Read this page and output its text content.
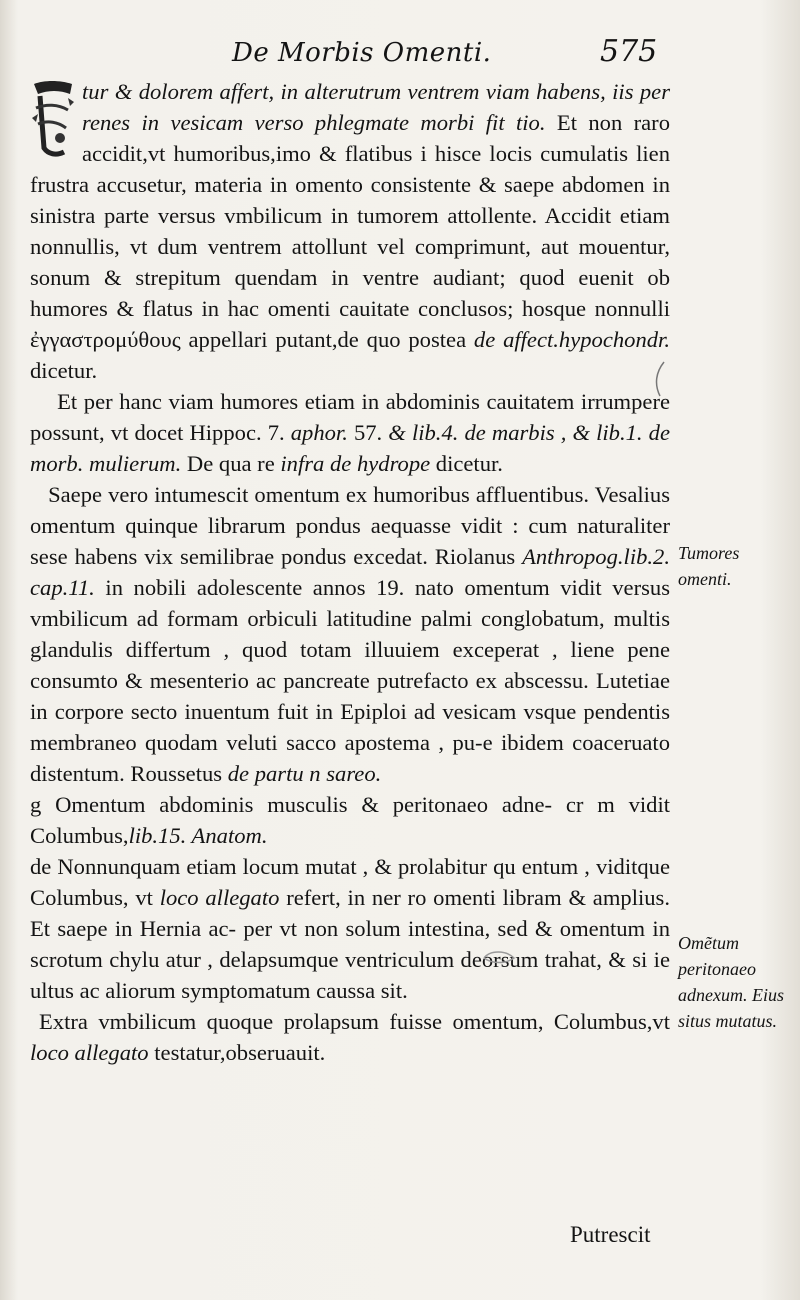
De Morbis Omenti.	575

tur & dolorem affert, in alterutrum ventrem viam habens, iis per renes in vesicam verso phlegmate morbi fit tio. Et non raro accidit,vt humoribus,imo & flatibus i hisce locis cumulatis lien frustra accusetur, materia in omento consistente & saepe abdomen in sinistra parte versus vmbilicum in tumorem attollente. Accidit etiam nonnullis, vt dum ventrem attollunt vel comprimunt, aut mouentur, sonum & strepitum quendam in ventre audiant; quod euenit ob humores & flatus in hac omenti cauitate conclusos; hosque nonnulli ἐγγαστρομύθους appellari putant,de quo postea de affect.hypochondr. dicetur.

Et per hanc viam humores etiam in abdominis cauitatem irrumpere possunt, vt docet Hippoc. 7. aphor. 57. & lib.4. de marbis , & lib.1. de morb. mulierum. De qua re infra de hydrope dicetur.

Saepe vero intumescit omentum ex humoribus affluentibus. Vesalius omentum quinque librarum pondus aequasse vidit : cum naturaliter sese habens vix semilibrae pondus excedat. Riolanus Anthropog.lib.2. cap.11. in nobili adolescente annos 19. nato omentum vidit versus vmbilicum ad formam orbiculi latitudine palmi conglobatum, multis glandulis differtum , quod totam illuuiem exceperat , liene pene consumto & mesenterio ac pancreate putrefacto ex abscessu. Lutetiae in corpore secto inuentum fuit in Epiploi ad vesicam vsque pendentis membraneo quodam veluti sacco apostema , pu-e ibidem coaceruato distentum. Roussetus de partu n sareo.

g Omentum abdominis musculis & peritonaeo adne- cr m vidit Columbus,lib.15. Anatom.

de Nonnunquam etiam locum mutat , & prolabitur qu entum , viditque Columbus, vt loco allegato refert, in ner ro omenti libram & amplius. Et saepe in Hernia ac- per vt non solum intestina, sed & omentum in scrotum chylu atur , delapsumque ventriculum deorsum trahat, & si ie ultus ac aliorum symptomatum caussa sit.

Extra vmbilicum quoque prolapsum fuisse omentum, Columbus,vt loco allegato testatur,obseruauit.

Tumores omenti.
Omẽtum peritonaeo adnexum. Eius situs mutatus.
Putrescit
